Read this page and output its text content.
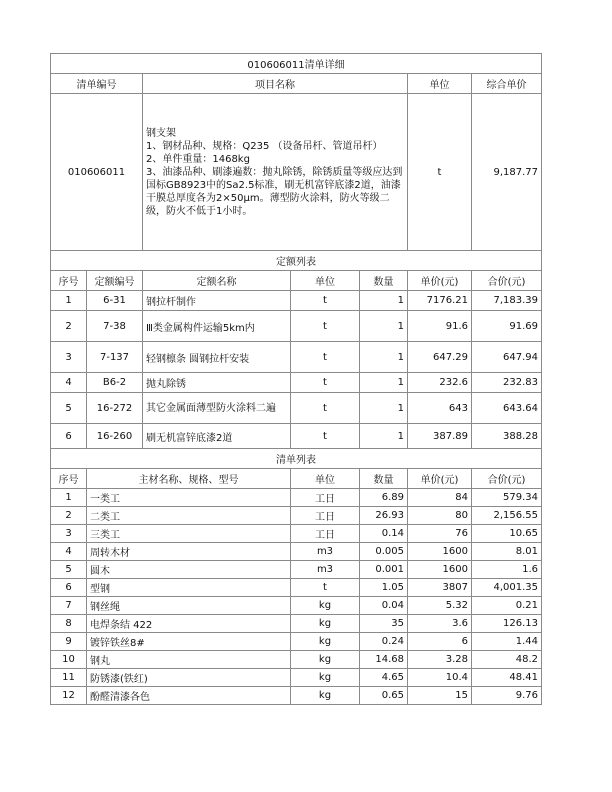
010606011清单详细						
清单编号		项目名称			单位	综合单价
010606011		钢支架
1、钢材品种、规格：Q235 （设备吊杆、管道吊杆）
2、单件重量：1468kg
3、油漆品种、刷漆遍数：抛丸除锈，除锈质量等级应达到国标GB8923中的Sa2.5标准，刷无机富锌底漆2道，油漆干膜总厚度各为2×50μm。薄型防火涂料，防火等级二级，防火不低于1小时。			t	9,187.77
定额列表						
序号	定额编号	定额名称	单位	数量	单价(元)	合价(元)
1	6-31	钢拉杆制作	t	1	7176.21	7,183.39
2	7-38	Ⅲ类金属构件运输5km内	t	1	91.6	91.69
3	7-137	轻钢檩条 圆钢拉杆安装	t	1	647.29	647.94
4	B6-2	抛丸除锈	t	1	232.6	232.83
5	16-272	其它金属面薄型防火涂料二遍	t	1	643	643.64
6	16-260	刷无机富锌底漆2道	t	1	387.89	388.28
清单列表						
序号	主材名称、规格、型号		单位	数量	单价(元)	合价(元)
1	一类工		工日	6.89	84	579.34
2	二类工		工日	26.93	80	2,156.55
3	三类工		工日	0.14	76	10.65
4	周转木材		m3	0.005	1600	8.01
5	圆木		m3	0.001	1600	1.6
6	型钢		t	1.05	3807	4,001.35
7	钢丝绳		kg	0.04	5.32	0.21
8	电焊条结 422		kg	35	3.6	126.13
9	镀锌铁丝8#		kg	0.24	6	1.44
10	钢丸		kg	14.68	3.28	48.2
11	防锈漆(铁红)		kg	4.65	10.4	48.41
12	酚醛清漆各色		kg	0.65	15	9.76
